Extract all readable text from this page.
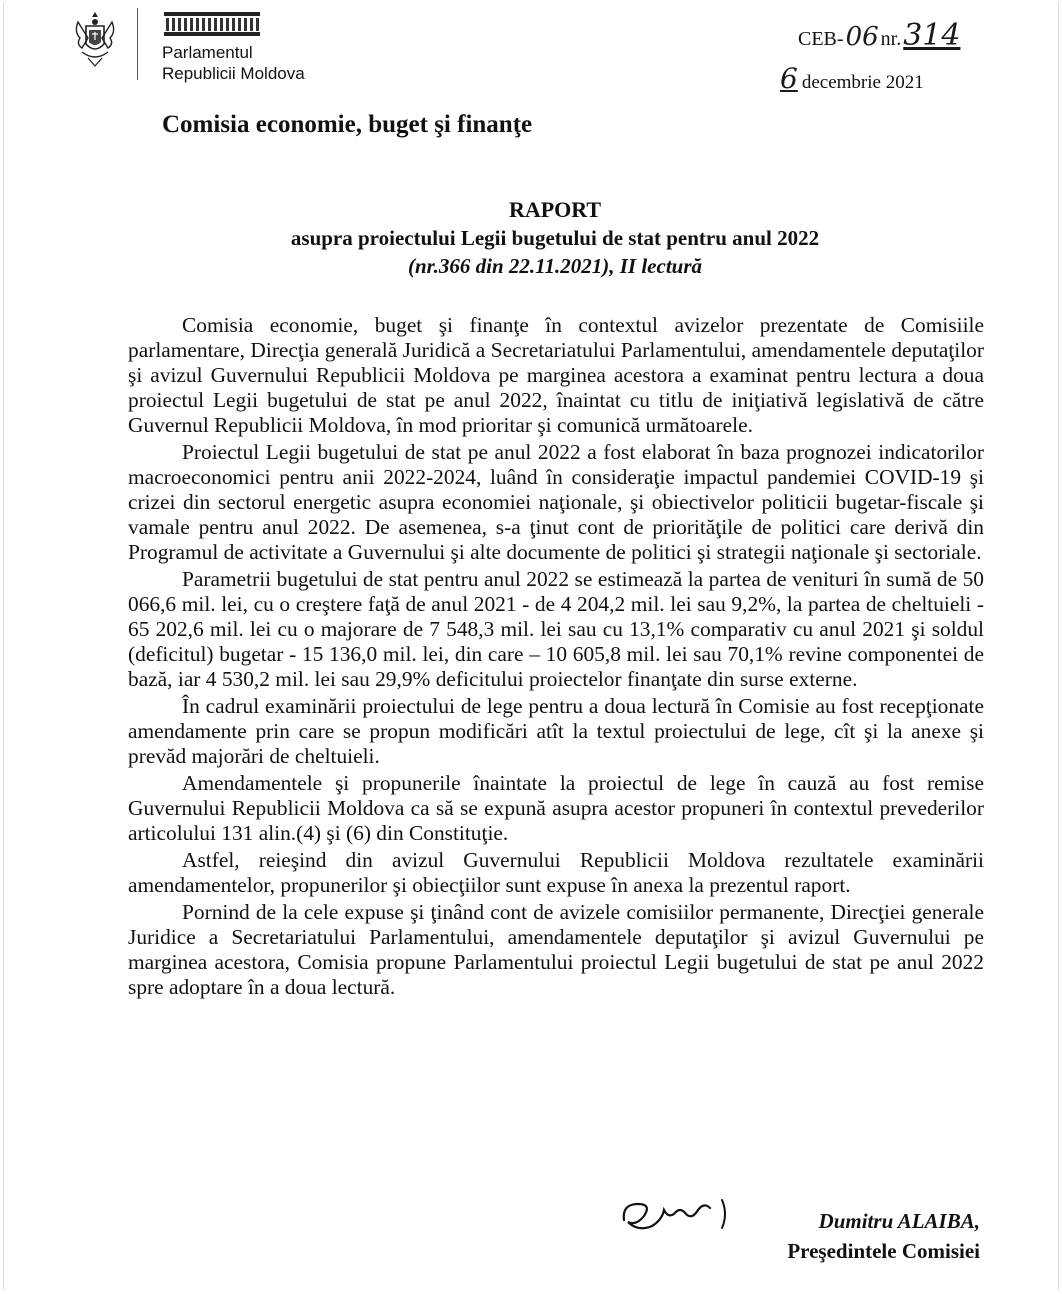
Parlamentul
Republicii Moldova
CEB- 06 nr. 314
6 decembrie 2021
Comisia economie, buget şi finanţe
RAPORT
asupra proiectului Legii bugetului de stat pentru anul 2022
(nr.366 din 22.11.2021), II lectură

Comisia economie, buget şi finanţe în contextul avizelor prezentate de Comisiile parlamentare, Direcţia generală Juridică a Secretariatului Parlamentului, amendamentele deputaţilor şi avizul Guvernului Republicii Moldova pe marginea acestora a examinat pentru lectura a doua proiectul Legii bugetului de stat pe anul 2022, înaintat cu titlu de iniţiativă legislativă de către Guvernul Republicii Moldova, în mod prioritar şi comunică următoarele.

Proiectul Legii bugetului de stat pe anul 2022 a fost elaborat în baza prognozei indicatorilor macroeconomici pentru anii 2022-2024, luând în consideraţie impactul pandemiei COVID-19 şi crizei din sectorul energetic asupra economiei naţionale, şi obiectivelor politicii bugetar-fiscale şi vamale pentru anul 2022. De asemenea, s-a ţinut cont de priorităţile de politici care derivă din Programul de activitate a Guvernului şi alte documente de politici şi strategii naţionale şi sectoriale.

Parametrii bugetului de stat pentru anul 2022 se estimează la partea de venituri în sumă de 50 066,6 mil. lei, cu o creştere faţă de anul 2021 - de 4 204,2 mil. lei sau 9,2%, la partea de cheltuieli - 65 202,6 mil. lei cu o majorare de 7 548,3 mil. lei sau cu 13,1% comparativ cu anul 2021 şi soldul (deficitul) bugetar - 15 136,0 mil. lei, din care – 10 605,8 mil. lei sau 70,1% revine componentei de bază, iar 4 530,2 mil. lei sau 29,9% deficitului proiectelor finanţate din surse externe.

În cadrul examinării proiectului de lege pentru a doua lectură în Comisie au fost recepţionate amendamente prin care se propun modificări atît la textul proiectului de lege, cît şi la anexe şi prevăd majorări de cheltuieli.

Amendamentele şi propunerile înaintate la proiectul de lege în cauză au fost remise Guvernului Republicii Moldova ca să se expună asupra acestor propuneri în contextul prevederilor articolului 131 alin.(4) şi (6) din Constituţie.

Astfel, reieşind din avizul Guvernului Republicii Moldova rezultatele examinării amendamentelor, propunerilor şi obiecţiilor sunt expuse în anexa la prezentul raport.

Pornind de la cele expuse şi ţinând cont de avizele comisiilor permanente, Direcţiei generale Juridice a Secretariatului Parlamentului, amendamentele deputaţilor şi avizul Guvernului pe marginea acestora, Comisia propune Parlamentului proiectul Legii bugetului de stat pe anul 2022 spre adoptare în a doua lectură.

Dumitru ALAIBA,
Preşedintele Comisiei
